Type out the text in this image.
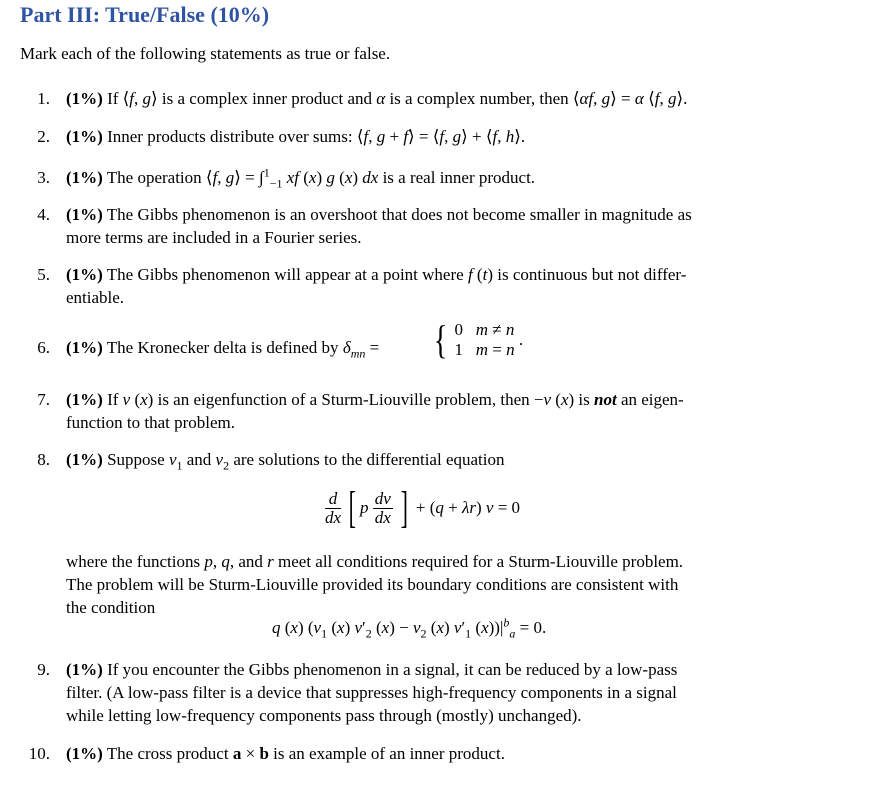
Part III: True/False (10%)
Mark each of the following statements as true or false.
1. (1%) If ⟨f, g⟩ is a complex inner product and α is a complex number, then ⟨αf, g⟩ = α ⟨f, g⟩.
2. (1%) Inner products distribute over sums: ⟨f, g + f⟩ = ⟨f, g⟩ + ⟨f, h⟩.
3. (1%) The operation ⟨f, g⟩ = ∫$^1_{-1}$ xf (x) g (x) dx is a real inner product.
4. (1%) The Gibbs phenomenon is an overshoot that does not become smaller in magnitude as
more terms are included in a Fourier series.
5. (1%) The Gibbs phenomenon will appear at a point where f (t) is continuous but not differ-
entiable.
6. (1%) The Kronecker delta is defined by $\delta_{mn}$ =	{ 0   m ≠ n
1   m = n
.
7. (1%) If v (x) is an eigenfunction of a Sturm-Liouville problem, then −v (x) is not an eigen-
function to that problem.
8. (1%) Suppose $v_1$ and $v_2$ are solutions to the differential equation
$\frac{d}{dx}$ [ p $\frac{dv}{dx}$ ] + (q + λr) v = 0
where the functions p, q, and r meet all conditions required for a Sturm-Liouville problem.
The problem will be Sturm-Liouville provided its boundary conditions are consistent with
the condition
q (x) ($v_1$ (x) $v'_2$ $(x) - v_2$ (x) $v'_1$ $(x))|^b_a = 0$.
9. (1%) If you encounter the Gibbs phenomenon in a signal, it can be reduced by a low-pass
filter. (A low-pass filter is a device that suppresses high-frequency components in a signal
while letting low-frequency components pass through (mostly) unchanged).
10. (1%) The cross product a × b is an example of an inner product.
